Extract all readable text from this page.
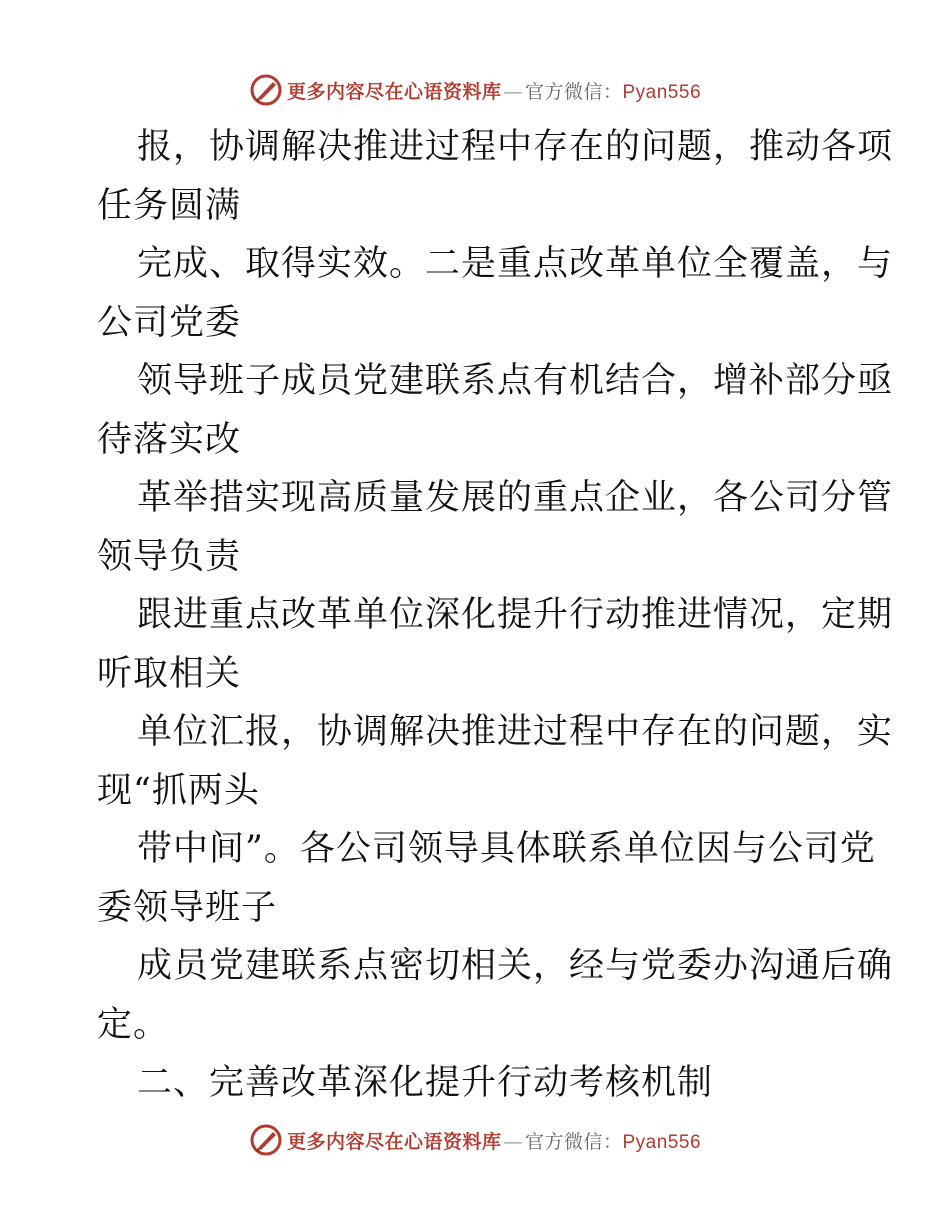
更多内容尽在心语资料库 — 官方微信： Pyan556
报，协调解决推进过程中存在的问题，推动各项
任务圆满
完成、取得实效。二是重点改革单位全覆盖，与
公司党委
领导班子成员党建联系点有机结合，增补部分亟
待落实改
革举措实现高质量发展的重点企业，各公司分管
领导负责
跟进重点改革单位深化提升行动推进情况，定期
听取相关
单位汇报，协调解决推进过程中存在的问题，实
现“抓两头
带中间”。各公司领导具体联系单位因与公司党
委领导班子
成员党建联系点密切相关，经与党委办沟通后确
定。
二、完善改革深化提升行动考核机制
更多内容尽在心语资料库 — 官方微信： Pyan556
